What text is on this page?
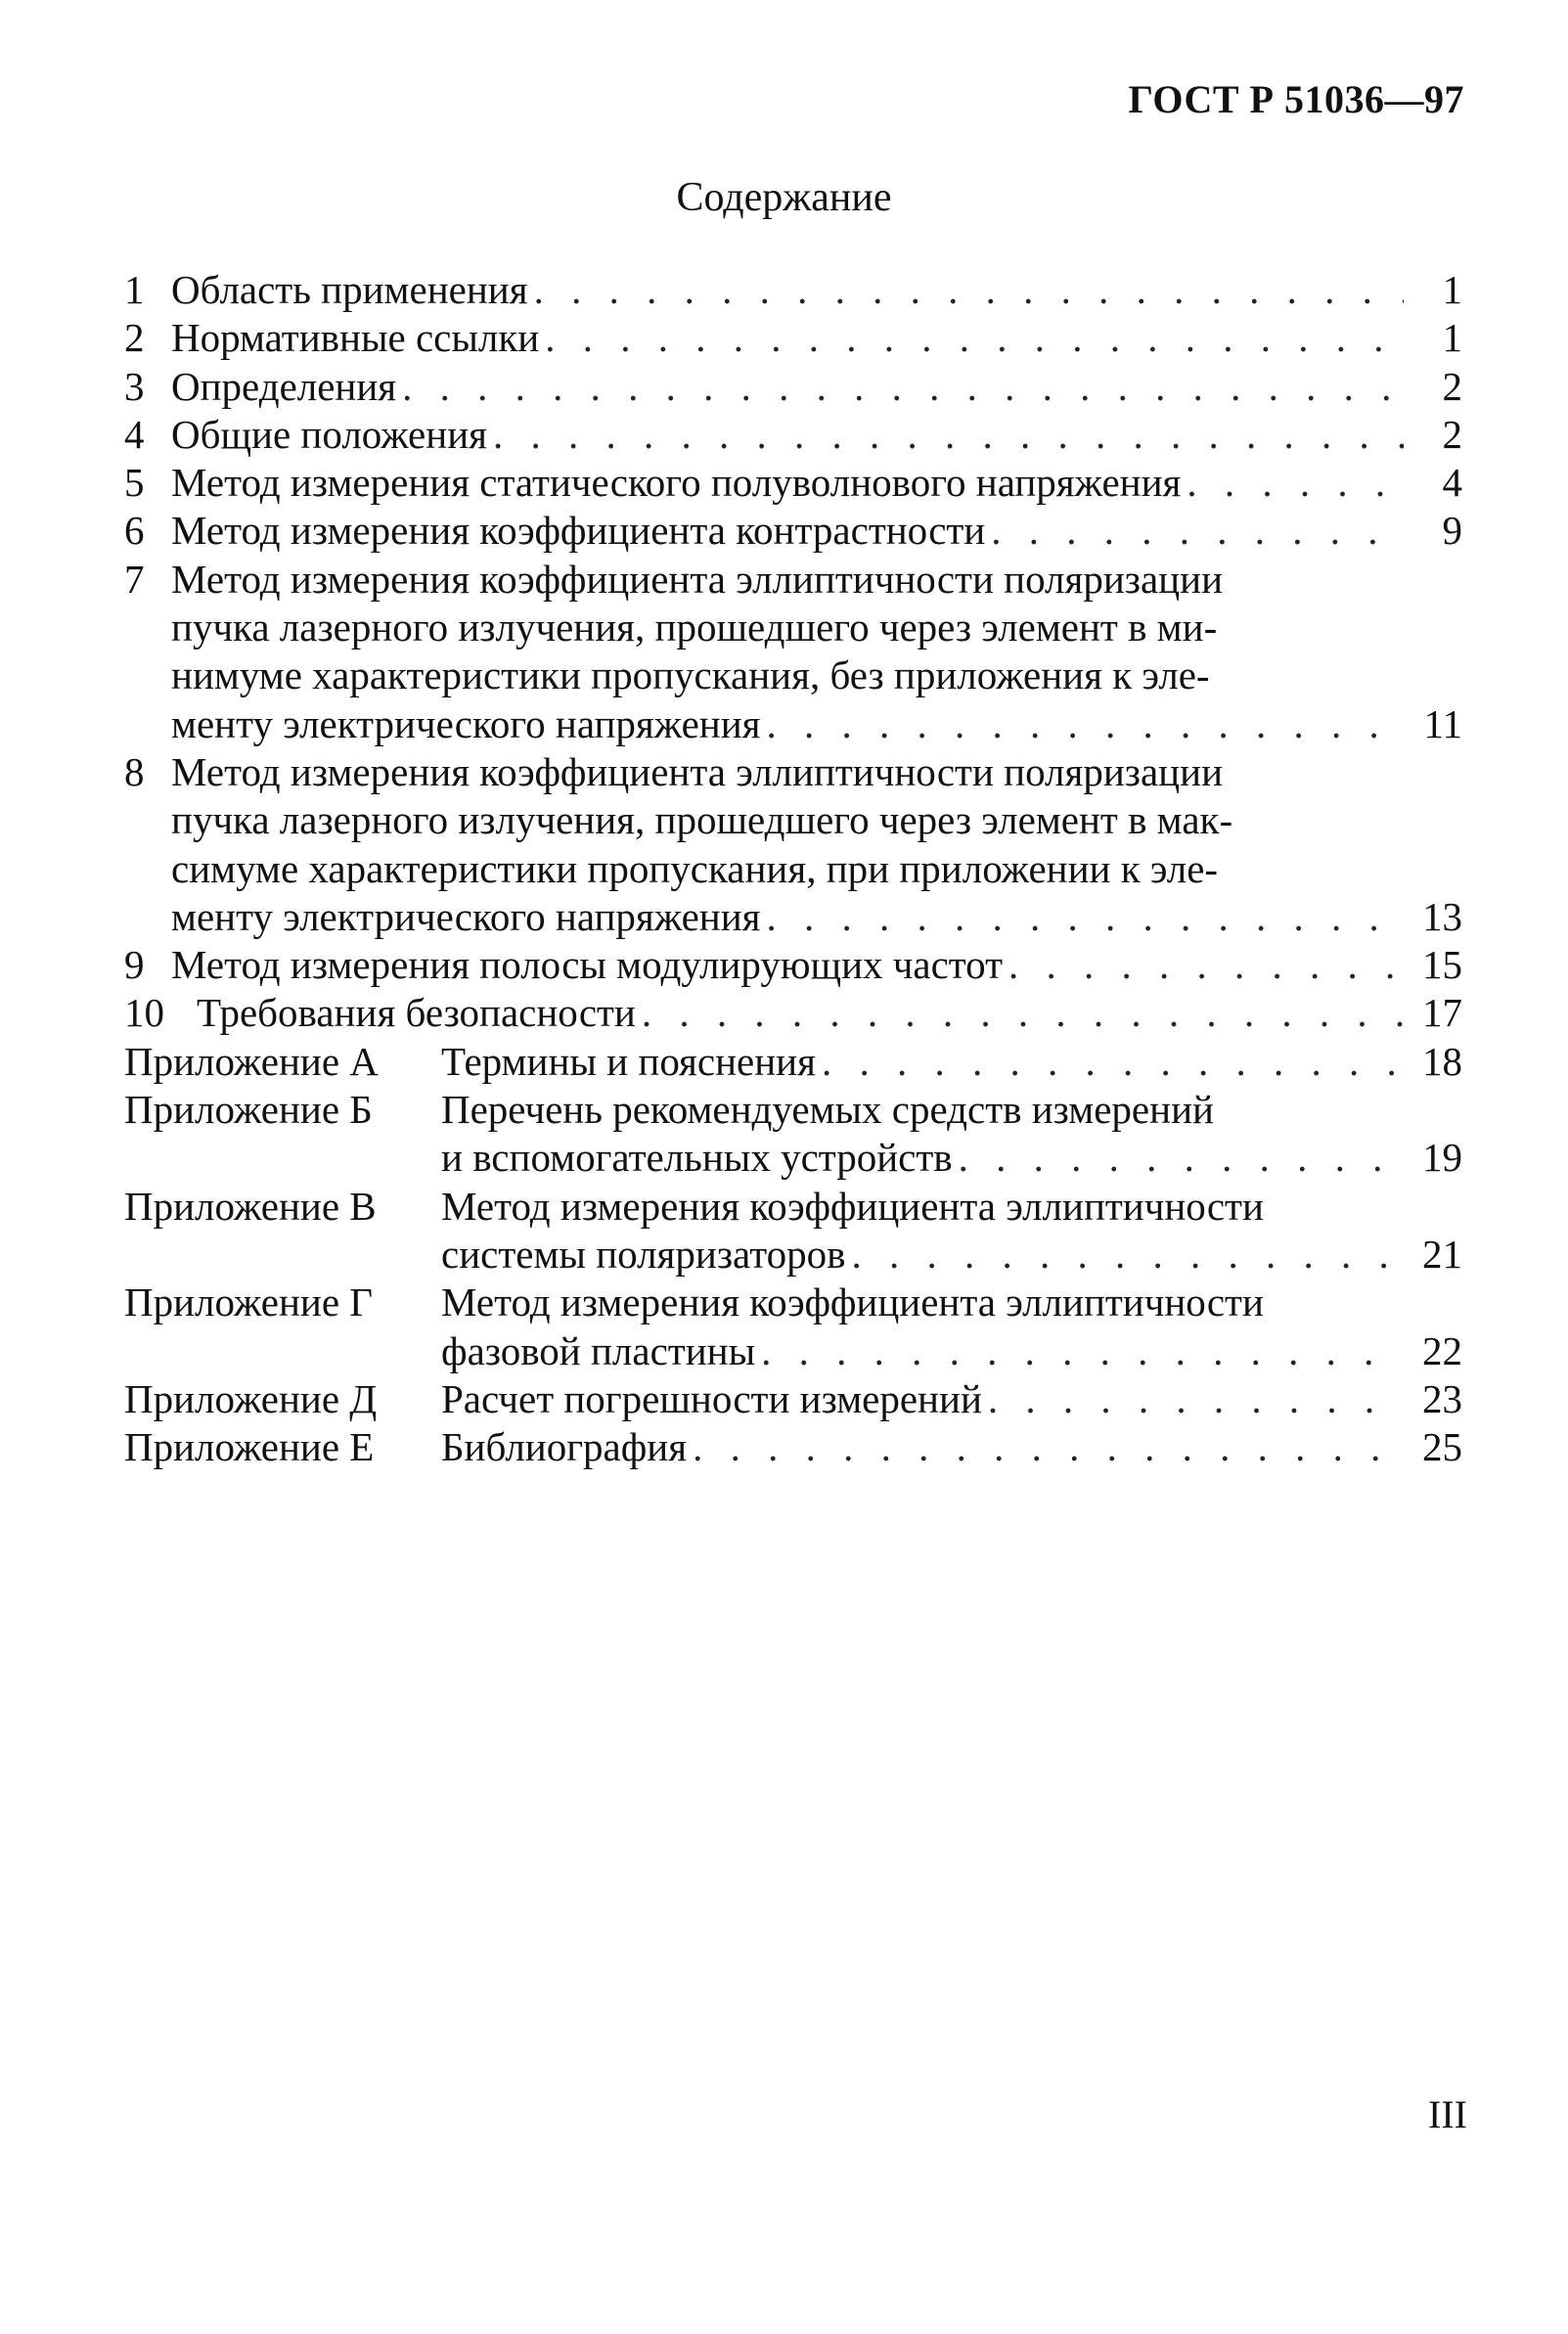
ГОСТ Р 51036—97
Содержание
1 Область применения . . .	1
2 Нормативные ссылки . . .	1
3 Определения . . .	2
4 Общие положения . . .	2
5 Метод измерения статического полуволнового напряжения . . .	4
6 Метод измерения коэффициента контрастности . . .	9
7 Метод измерения коэффициента эллиптичности поляризации
пучка лазерного излучения, прошедшего через элемент в ми-
нимуме характеристики пропускания, без приложения к эле-
менту электрического напряжения . . .	11
8 Метод измерения коэффициента эллиптичности поляризации
пучка лазерного излучения, прошедшего через элемент в мак-
симуме характеристики пропускания, при приложении к эле-
менту электрического напряжения . . .	13
9 Метод измерения полосы модулирующих частот . . .	15
10 Требования безопасности . . .	17
Приложение А	Термины и пояснения . . .	18
Приложение Б	Перечень рекомендуемых средств измерений
и вспомогательных устройств . . .	19
Приложение В	Метод измерения коэффициента эллиптичности
системы поляризаторов . . .	21
Приложение Г	Метод измерения коэффициента эллиптичности
фазовой пластины . . .	22
Приложение Д	Расчет погрешности измерений . . .	23
Приложение Е	Библиография . . .	25
III
